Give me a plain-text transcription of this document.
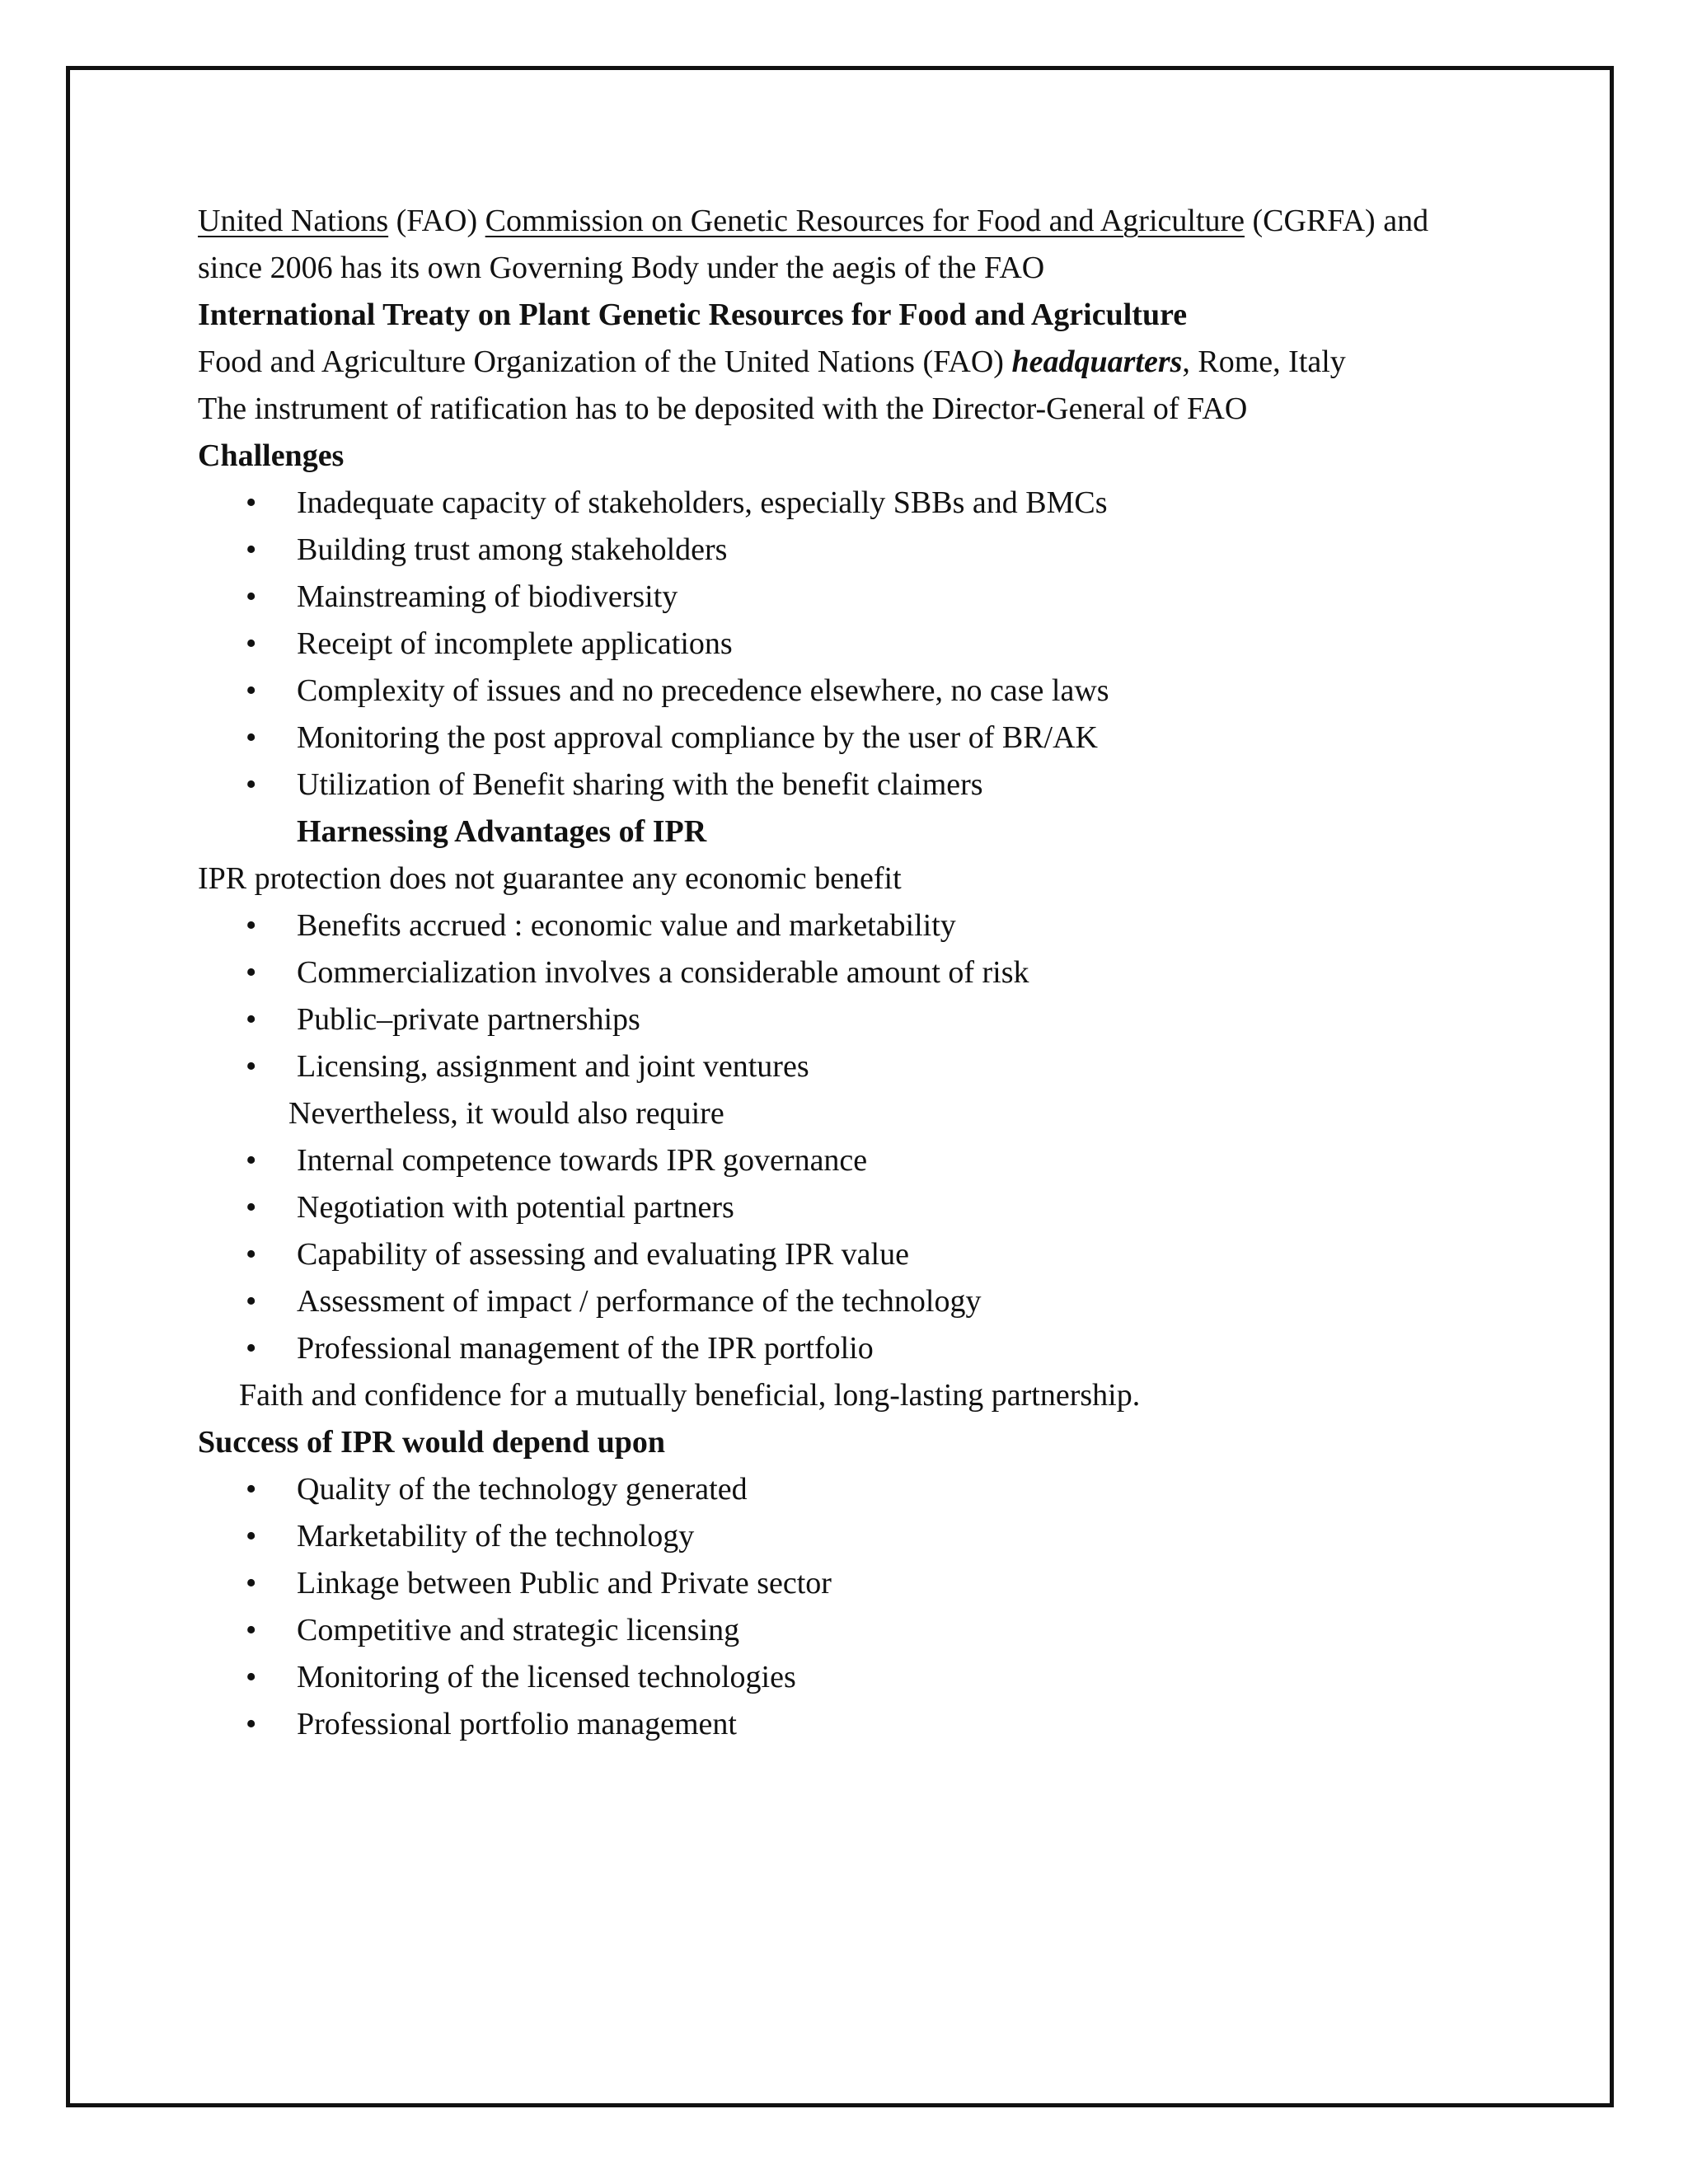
United Nations (FAO) Commission on Genetic Resources for Food and Agriculture (CGRFA) and

since 2006 has its own Governing Body under the aegis of the FAO

International Treaty on Plant Genetic Resources for Food and Agriculture

Food and Agriculture Organization of the United Nations (FAO) headquarters, Rome, Italy

The instrument of ratification has to be deposited with the Director-General of FAO

Challenges

• Inadequate capacity of stakeholders, especially SBBs and BMCs
• Building trust among stakeholders
• Mainstreaming of biodiversity
• Receipt of incomplete applications
• Complexity of issues and no precedence elsewhere, no case laws
• Monitoring the post approval compliance by the user of BR/AK
• Utilization of Benefit sharing with the benefit claimers

Harnessing Advantages of IPR

IPR protection does not guarantee any economic benefit

• Benefits accrued : economic value and marketability
• Commercialization involves a considerable amount of risk
• Public–private partnerships
• Licensing, assignment and joint ventures

Nevertheless, it would also require

• Internal competence towards IPR governance
• Negotiation with potential partners
• Capability of assessing and evaluating IPR value
• Assessment of impact / performance of the technology
• Professional management of the IPR portfolio

Faith and confidence for a mutually beneficial, long-lasting partnership.

Success of IPR would depend upon

• Quality of the technology generated
• Marketability of the technology
• Linkage between Public and Private sector
• Competitive and strategic licensing
• Monitoring of the licensed technologies
• Professional portfolio management
